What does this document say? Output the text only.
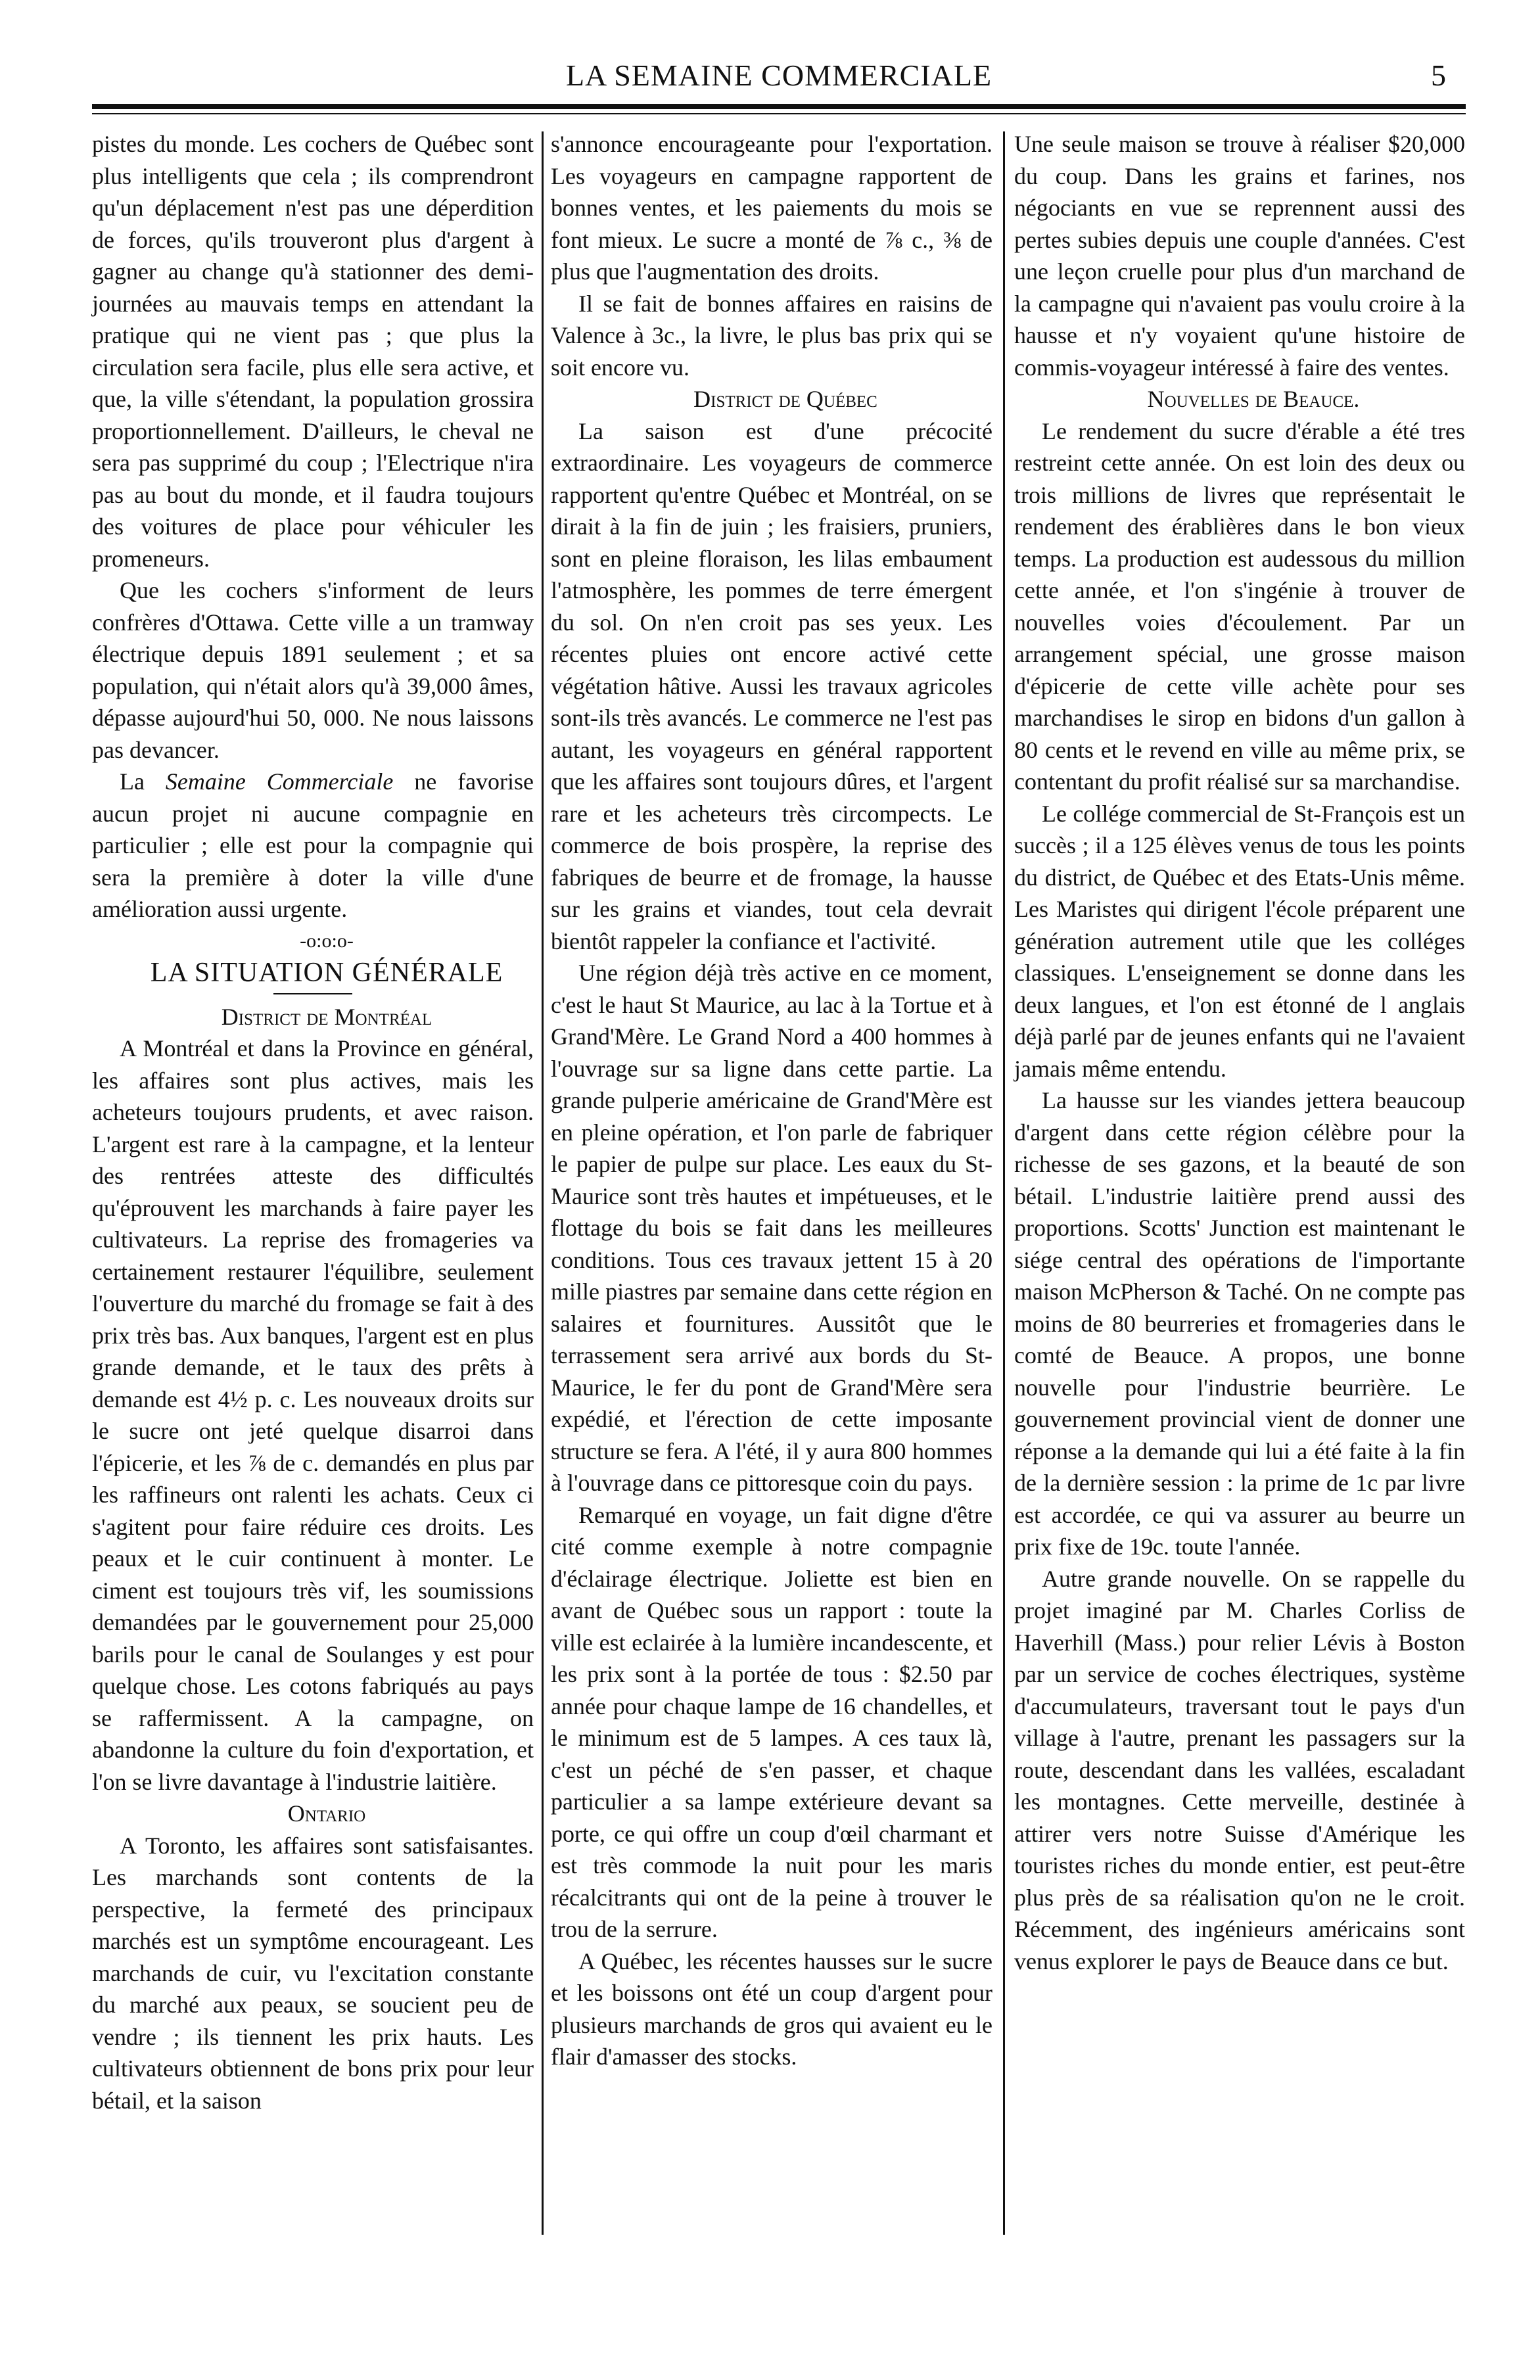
LA SEMAINE COMMERCIALE	5

pistes du monde. Les cochers de Québec sont plus intelligents que cela ; ils comprendront qu'un déplacement n'est pas une déperdition de forces, qu'ils trouveront plus d'argent à gagner au change qu'à stationner des demi-journées au mauvais temps en attendant la pratique qui ne vient pas ; que plus la circulation sera facile, plus elle sera active, et que, la ville s'étendant, la population grossira proportionnellement. D'ailleurs, le cheval ne sera pas supprimé du coup ; l'Electrique n'ira pas au bout du monde, et il faudra toujours des voitures de place pour véhiculer les promeneurs.

Que les cochers s'informent de leurs confrères d'Ottawa. Cette ville a un tramway électrique depuis 1891 seulement ; et sa population, qui n'était alors qu'à 39,000 âmes, dépasse aujourd'hui 50, 000. Ne nous laissons pas devancer.

La Semaine Commerciale ne favorise aucun projet ni aucune compagnie en particulier ; elle est pour la compagnie qui sera la première à doter la ville d'une amélioration aussi urgente.

-o:o:o-

LA SITUATION GÉNÉRALE

District de Montréal

A Montréal et dans la Province en général, les affaires sont plus actives, mais les acheteurs toujours prudents, et avec raison. L'argent est rare à la campagne, et la lenteur des rentrées atteste des difficultés qu'éprouvent les marchands à faire payer les cultivateurs. La reprise des fromageries va certainement restaurer l'équilibre, seulement l'ouverture du marché du fromage se fait à des prix très bas. Aux banques, l'argent est en plus grande demande, et le taux des prêts à demande est 4½ p. c. Les nouveaux droits sur le sucre ont jeté quelque disarroi dans l'épicerie, et les ⅞ de c. demandés en plus par les raffineurs ont ralenti les achats. Ceux ci s'agitent pour faire réduire ces droits. Les peaux et le cuir continuent à monter. Le ciment est toujours très vif, les soumissions demandées par le gouvernement pour 25,000 barils pour le canal de Soulanges y est pour quelque chose. Les cotons fabriqués au pays se raffermissent. A la campagne, on abandonne la culture du foin d'exportation, et l'on se livre davantage à l'industrie laitière.

Ontario

A Toronto, les affaires sont satisfaisantes. Les marchands sont contents de la perspective, la fermeté des principaux marchés est un symptôme encourageant. Les marchands de cuir, vu l'excitation constante du marché aux peaux, se soucient peu de vendre ; ils tiennent les prix hauts. Les cultivateurs obtiennent de bons prix pour leur bétail, et la saison

s'annonce encourageante pour l'exportation. Les voyageurs en campagne rapportent de bonnes ventes, et les paiements du mois se font mieux. Le sucre a monté de ⅞ c., ⅜ de plus que l'augmentation des droits.

Il se fait de bonnes affaires en raisins de Valence à 3c., la livre, le plus bas prix qui se soit encore vu.

District de Québec

La saison est d'une précocité extraordinaire. Les voyageurs de commerce rapportent qu'entre Québec et Montréal, on se dirait à la fin de juin ; les fraisiers, pruniers, sont en pleine floraison, les lilas embaument l'atmosphère, les pommes de terre émergent du sol. On n'en croit pas ses yeux. Les récentes pluies ont encore activé cette végétation hâtive. Aussi les travaux agricoles sont-ils très avancés. Le commerce ne l'est pas autant, les voyageurs en général rapportent que les affaires sont toujours dûres, et l'argent rare et les acheteurs très circompects. Le commerce de bois prospère, la reprise des fabriques de beurre et de fromage, la hausse sur les grains et viandes, tout cela devrait bientôt rappeler la confiance et l'activité.

Une région déjà très active en ce moment, c'est le haut St Maurice, au lac à la Tortue et à Grand'Mère. Le Grand Nord a 400 hommes à l'ouvrage sur sa ligne dans cette partie. La grande pulperie américaine de Grand'Mère est en pleine opération, et l'on parle de fabriquer le papier de pulpe sur place. Les eaux du St-Maurice sont très hautes et impétueuses, et le flottage du bois se fait dans les meilleures conditions. Tous ces travaux jettent 15 à 20 mille piastres par semaine dans cette région en salaires et fournitures. Aussitôt que le terrassement sera arrivé aux bords du St-Maurice, le fer du pont de Grand'Mère sera expédié, et l'érection de cette imposante structure se fera. A l'été, il y aura 800 hommes à l'ouvrage dans ce pittoresque coin du pays.

Remarqué en voyage, un fait digne d'être cité comme exemple à notre compagnie d'éclairage électrique. Joliette est bien en avant de Québec sous un rapport : toute la ville est eclairée à la lumière incandescente, et les prix sont à la portée de tous : $2.50 par année pour chaque lampe de 16 chandelles, et le minimum est de 5 lampes. A ces taux là, c'est un péché de s'en passer, et chaque particulier a sa lampe extérieure devant sa porte, ce qui offre un coup d'œil charmant et est très commode la nuit pour les maris récalcitrants qui ont de la peine à trouver le trou de la serrure.

A Québec, les récentes hausses sur le sucre et les boissons ont été un coup d'argent pour plusieurs marchands de gros qui avaient eu le flair d'amasser des stocks.

Une seule maison se trouve à réaliser $20,000 du coup. Dans les grains et farines, nos négociants en vue se reprennent aussi des pertes subies depuis une couple d'années. C'est une leçon cruelle pour plus d'un marchand de la campagne qui n'avaient pas voulu croire à la hausse et n'y voyaient qu'une histoire de commis-voyageur intéressé à faire des ventes.

Nouvelles de Beauce.

Le rendement du sucre d'érable a été tres restreint cette année. On est loin des deux ou trois millions de livres que représentait le rendement des érablières dans le bon vieux temps. La production est audessous du million cette année, et l'on s'ingénie à trouver de nouvelles voies d'écoulement. Par un arrangement spécial, une grosse maison d'épicerie de cette ville achète pour ses marchandises le sirop en bidons d'un gallon à 80 cents et le revend en ville au même prix, se contentant du profit réalisé sur sa marchandise.

Le collége commercial de St-François est un succès ; il a 125 élèves venus de tous les points du district, de Québec et des Etats-Unis même. Les Maristes qui dirigent l'école préparent une génération autrement utile que les colléges classiques. L'enseignement se donne dans les deux langues, et l'on est étonné de l anglais déjà parlé par de jeunes enfants qui ne l'avaient jamais même entendu.

La hausse sur les viandes jettera beaucoup d'argent dans cette région célèbre pour la richesse de ses gazons, et la beauté de son bétail. L'industrie laitière prend aussi des proportions. Scotts' Junction est maintenant le siége central des opérations de l'importante maison McPherson & Taché. On ne compte pas moins de 80 beurreries et fromageries dans le comté de Beauce. A propos, une bonne nouvelle pour l'industrie beurrière. Le gouvernement provincial vient de donner une réponse a la demande qui lui a été faite à la fin de la dernière session : la prime de 1c par livre est accordée, ce qui va assurer au beurre un prix fixe de 19c. toute l'année.

Autre grande nouvelle. On se rappelle du projet imaginé par M. Charles Corliss de Haverhill (Mass.) pour relier Lévis à Boston par un service de coches électriques, système d'accumulateurs, traversant tout le pays d'un village à l'autre, prenant les passagers sur la route, descendant dans les vallées, escaladant les montagnes. Cette merveille, destinée à attirer vers notre Suisse d'Amérique les touristes riches du monde entier, est peut-être plus près de sa réalisation qu'on ne le croit. Récemment, des ingénieurs américains sont venus explorer le pays de Beauce dans ce but.
